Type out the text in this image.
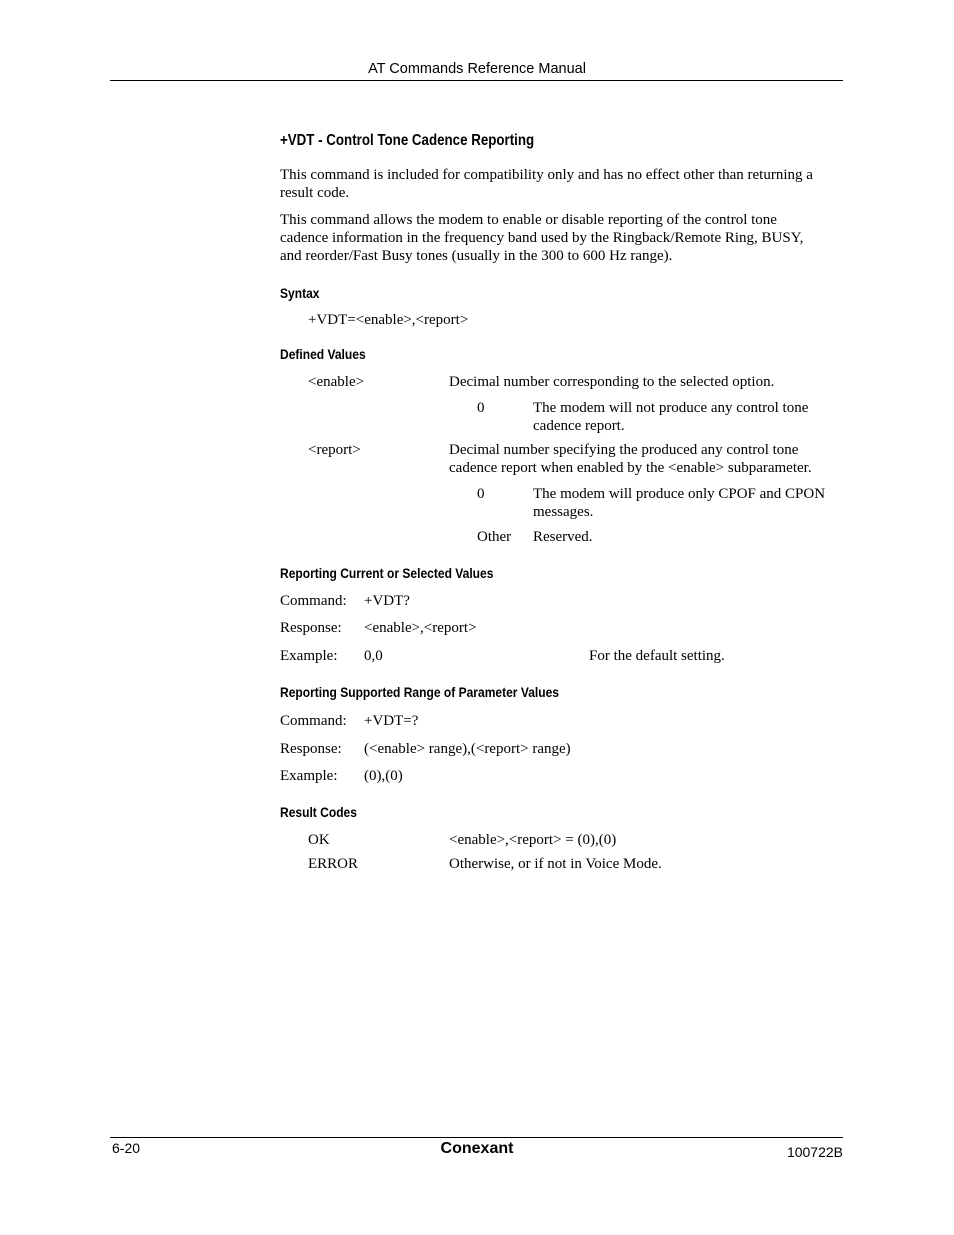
AT Commands Reference Manual
+VDT - Control Tone Cadence Reporting
This command is included for compatibility only and has no effect other than returning a
result code.
This command allows the modem to enable or disable reporting of the control tone
cadence information in the frequency band used by the Ringback/Remote Ring, BUSY,
and reorder/Fast Busy tones (usually in the 300 to 600 Hz range).
Syntax
+VDT=<enable>,<report>
Defined Values
<enable>	Decimal number corresponding to the selected option.
0	The modem will not produce any control tone
cadence report.
<report>	Decimal number specifying the produced any control tone
cadence report when enabled by the <enable> subparameter.
0	The modem will produce only CPOF and CPON
messages.
Other Reserved.
Reporting Current or Selected Values
Command: +VDT?
Response: <enable>,<report>
Example: 0,0	For the default setting.
Reporting Supported Range of Parameter Values
Command: +VDT=?
Response: (<enable> range),(<report> range)
Example: (0),(0)
Result Codes
OK	<enable>,<report> = (0),(0)
ERROR	Otherwise, or if not in Voice Mode.
6-20	Conexant	100722B
